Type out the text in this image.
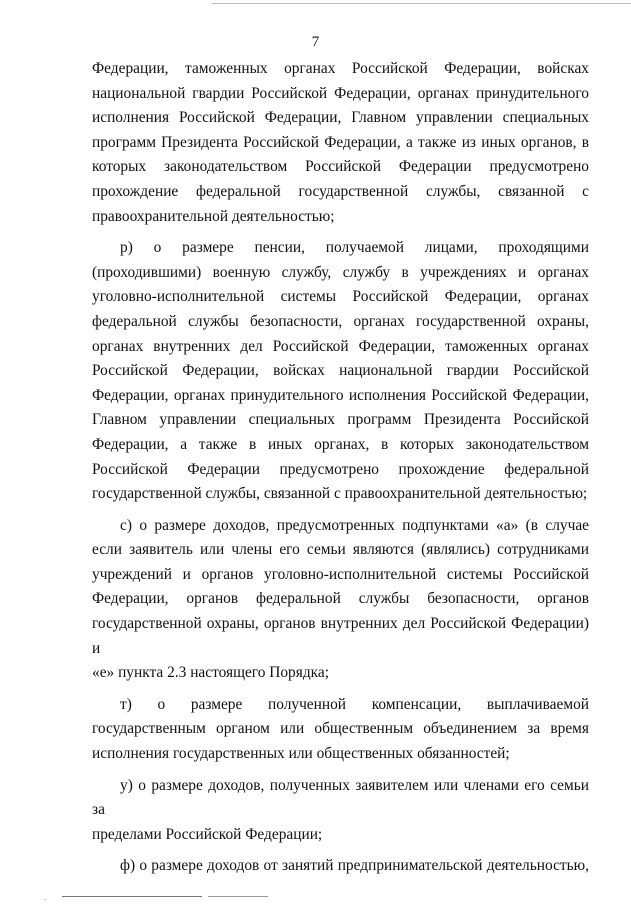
7
Федерации, таможенных органах Российской Федерации, войсках
национальной гвардии Российской Федерации, органах принудительного
исполнения Российской Федерации, Главном управлении специальных
программ Президента Российской Федерации, а также из иных органов, в
которых законодательством Российской Федерации предусмотрено
прохождение федеральной государственной службы, связанной с
правоохранительной деятельностью;
р) о размере пенсии, получаемой лицами, проходящими
(проходившими) военную службу, службу в учреждениях и органах
уголовно-исполнительной системы Российской Федерации, органах
федеральной службы безопасности, органах государственной охраны,
органах внутренних дел Российской Федерации, таможенных органах
Российской Федерации, войсках национальной гвардии Российской
Федерации, органах принудительного исполнения Российской Федерации,
Главном управлении специальных программ Президента Российской
Федерации, а также в иных органах, в которых законодательством
Российской Федерации предусмотрено прохождение федеральной
государственной службы, связанной с правоохранительной деятельностью;
с) о размере доходов, предусмотренных подпунктами «а» (в случае
если заявитель или члены его семьи являются (являлись) сотрудниками
учреждений и органов уголовно-исполнительной системы Российской
Федерации, органов федеральной службы безопасности, органов
государственной охраны, органов внутренних дел Российской Федерации) и
«е» пункта 2.3 настоящего Порядка;
т) о размере полученной компенсации, выплачиваемой
государственным органом или общественным объединением за время
исполнения государственных или общественных обязанностей;
у) о размере доходов, полученных заявителем или членами его семьи за
пределами Российской Федерации;
ф) о размере доходов от занятий предпринимательской деятельностью,
.
